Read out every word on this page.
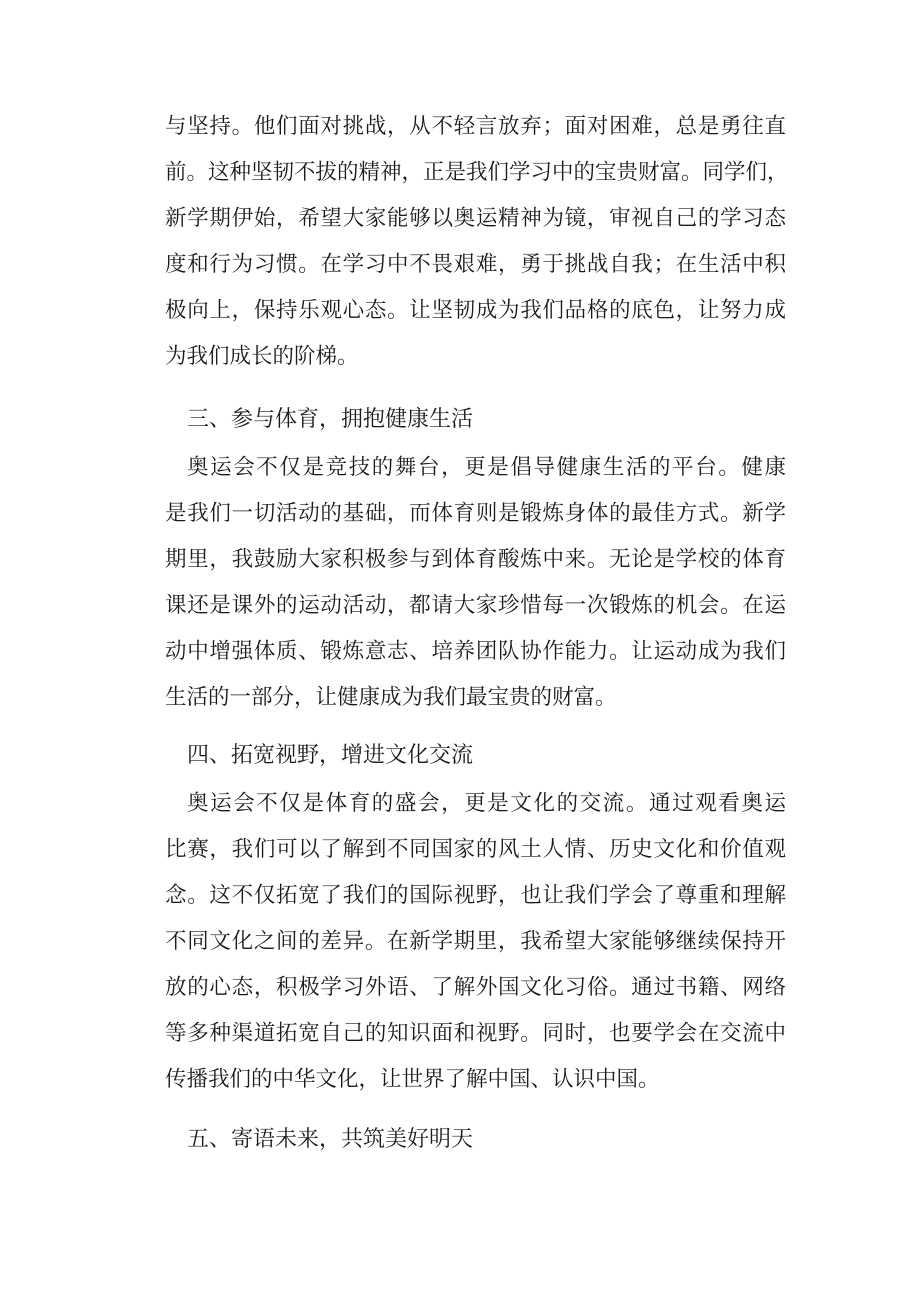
与坚持。他们面对挑战，从不轻言放弃；面对困难，总是勇往直
前。这种坚韧不拔的精神，正是我们学习中的宝贵财富。同学们，
新学期伊始，希望大家能够以奥运精神为镜，审视自己的学习态
度和行为习惯。在学习中不畏艰难，勇于挑战自我；在生活中积
极向上，保持乐观心态。让坚韧成为我们品格的底色，让努力成
为我们成长的阶梯。
三、参与体育，拥抱健康生活
奥运会不仅是竞技的舞台，更是倡导健康生活的平台。健康
是我们一切活动的基础，而体育则是锻炼身体的最佳方式。新学
期里，我鼓励大家积极参与到体育酸炼中来。无论是学校的体育
课还是课外的运动活动，都请大家珍惜每一次锻炼的机会。在运
动中增强体质、锻炼意志、培养团队协作能力。让运动成为我们
生活的一部分，让健康成为我们最宝贵的财富。
四、拓宽视野，增进文化交流
奥运会不仅是体育的盛会，更是文化的交流。通过观看奥运
比赛，我们可以了解到不同国家的风土人情、历史文化和价值观
念。这不仅拓宽了我们的国际视野，也让我们学会了尊重和理解
不同文化之间的差异。在新学期里，我希望大家能够继续保持开
放的心态，积极学习外语、了解外国文化习俗。通过书籍、网络
等多种渠道拓宽自己的知识面和视野。同时，也要学会在交流中
传播我们的中华文化，让世界了解中国、认识中国。
五、寄语未来，共筑美好明天
